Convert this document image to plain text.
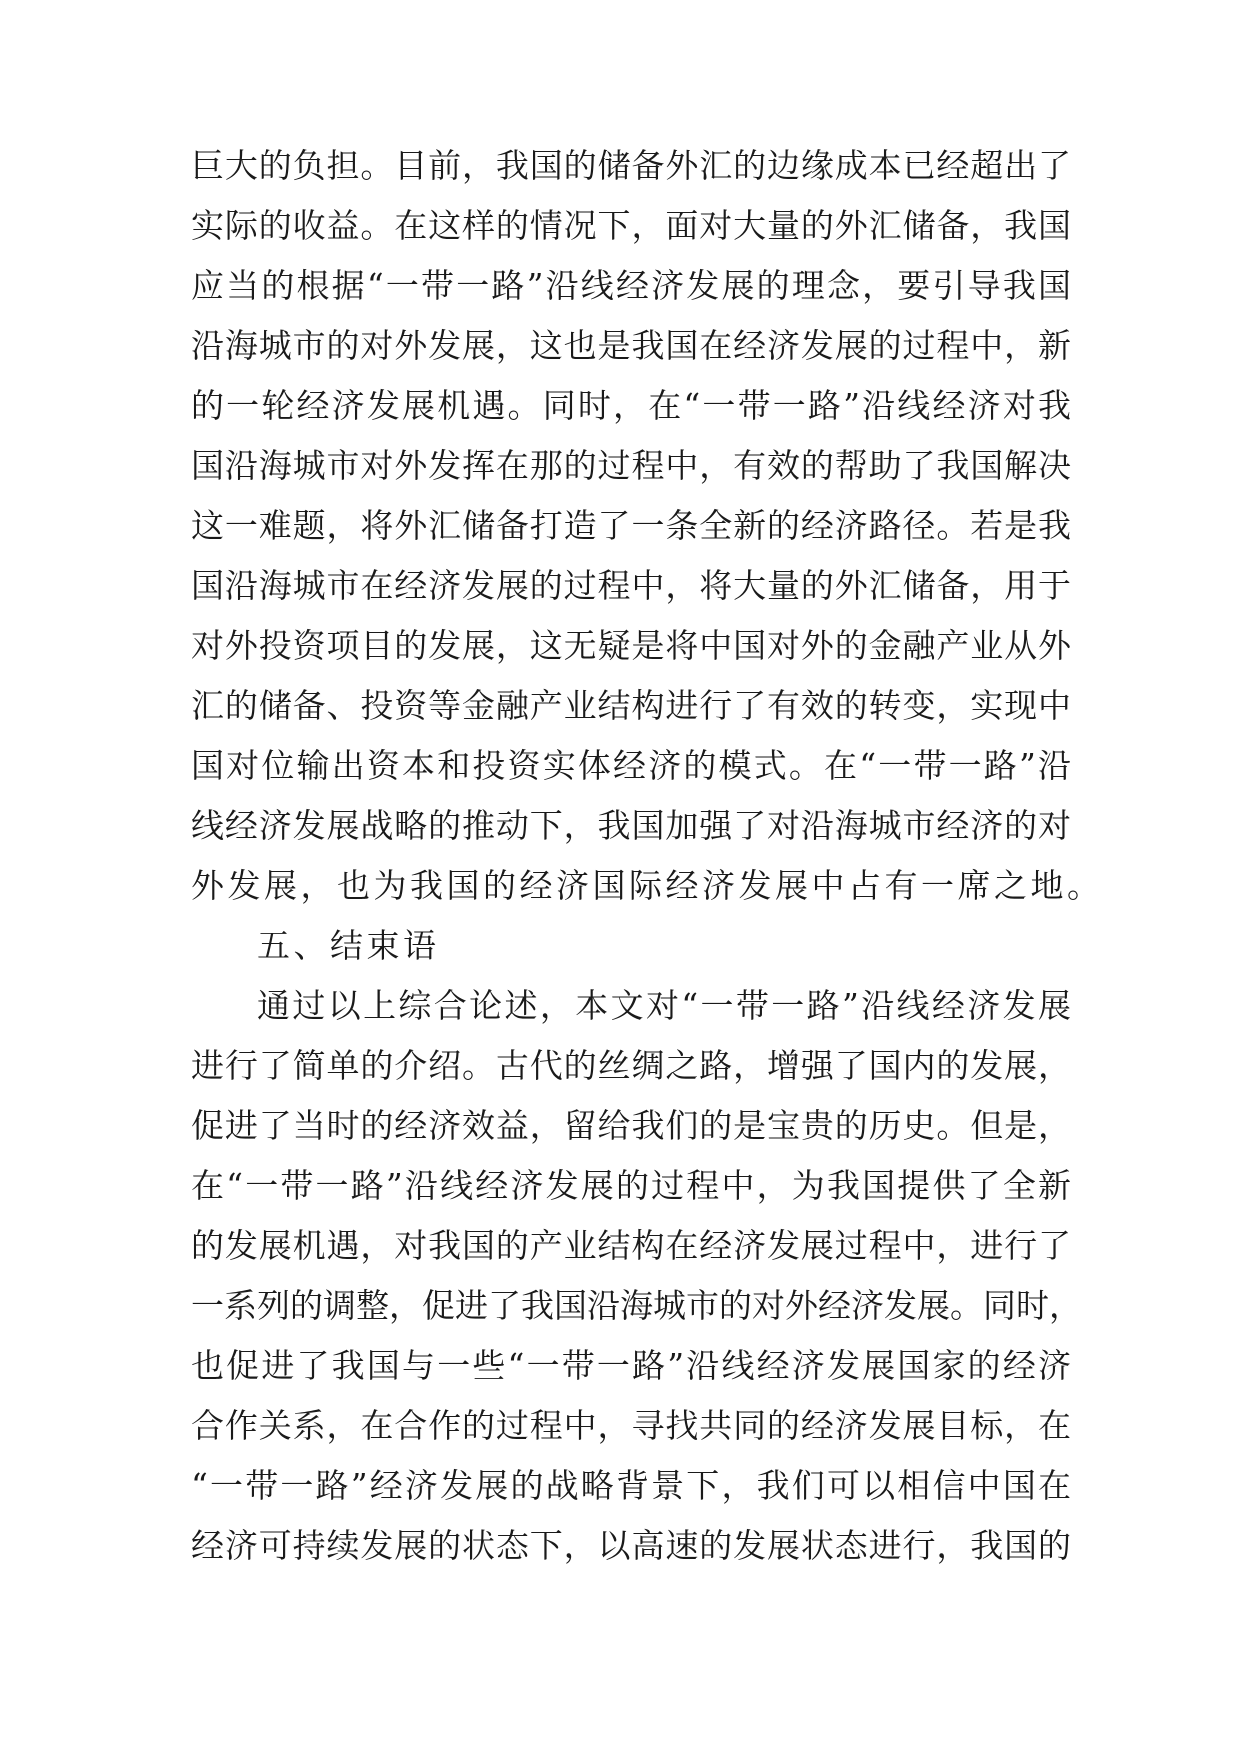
巨大的负担。目前，我国的储备外汇的边缘成本已经超出了
实际的收益。在这样的情况下，面对大量的外汇储备，我国
应当的根据“一带一路”沿线经济发展的理念，要引导我国
沿海城市的对外发展，这也是我国在经济发展的过程中，新
的一轮经济发展机遇。同时，在“一带一路”沿线经济对我
国沿海城市对外发挥在那的过程中，有效的帮助了我国解决
这一难题，将外汇储备打造了一条全新的经济路径。若是我
国沿海城市在经济发展的过程中，将大量的外汇储备，用于
对外投资项目的发展，这无疑是将中国对外的金融产业从外
汇的储备、投资等金融产业结构进行了有效的转变，实现中
国对位输出资本和投资实体经济的模式。在“一带一路”沿
线经济发展战略的推动下，我国加强了对沿海城市经济的对
外发展，也为我国的经济国际经济发展中占有一席之地。
五、结束语
通过以上综合论述，本文对“一带一路”沿线经济发展
进行了简单的介绍。古代的丝绸之路，增强了国内的发展，
促进了当时的经济效益，留给我们的是宝贵的历史。但是，
在“一带一路”沿线经济发展的过程中，为我国提供了全新
的发展机遇，对我国的产业结构在经济发展过程中，进行了
一系列的调整，促进了我国沿海城市的对外经济发展。同时，
也促进了我国与一些“一带一路”沿线经济发展国家的经济
合作关系，在合作的过程中，寻找共同的经济发展目标，在
“一带一路”经济发展的战略背景下，我们可以相信中国在
经济可持续发展的状态下，以高速的发展状态进行，我国的
